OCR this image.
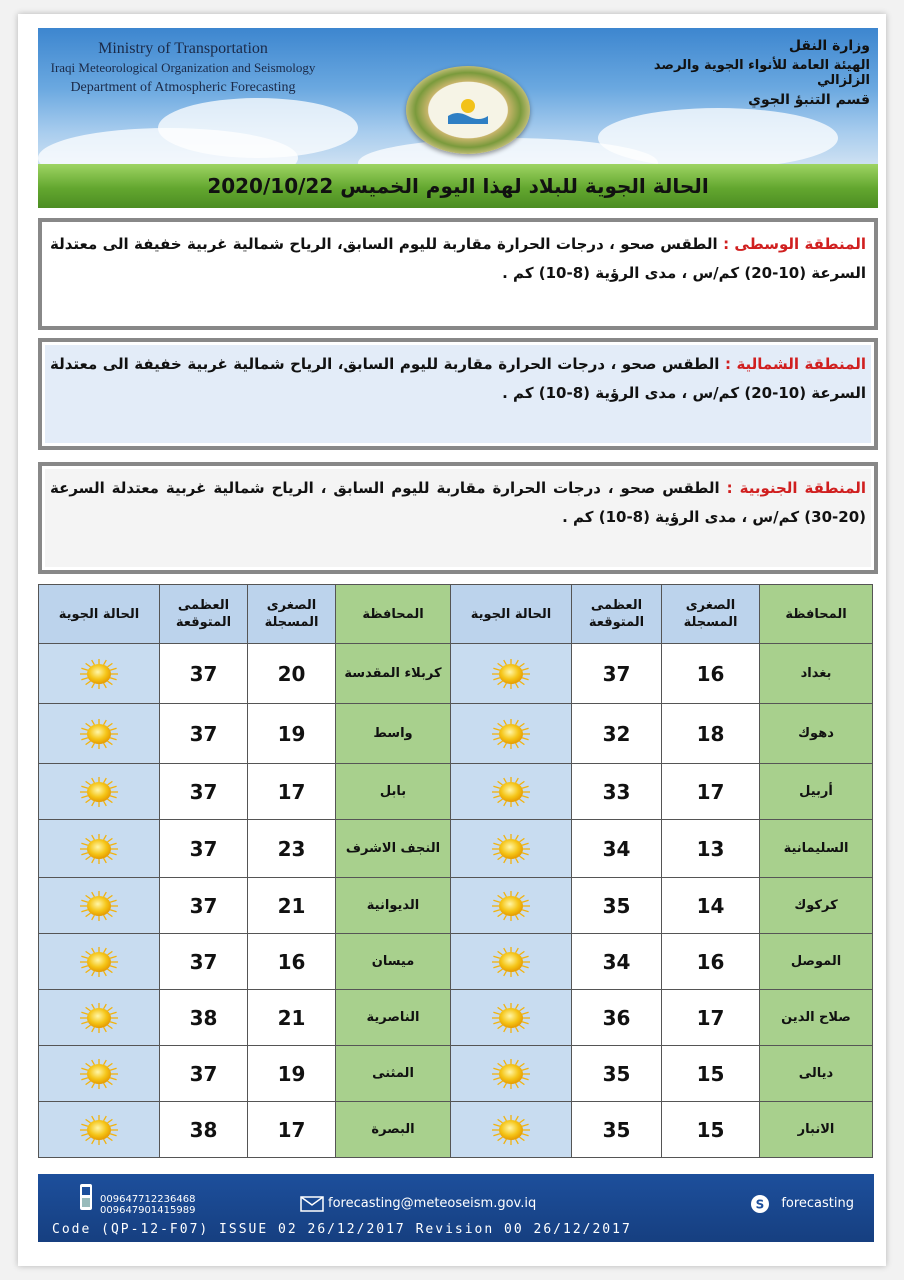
Ministry of Transportation
Iraqi Meteorological Organization and Seismology
Department of Atmospheric Forecasting
وزارة النقل
الهيئة العامة للأنواء الجوية والرصد الزلزالي
قسم التنبؤ الجوي
الحالة الجوية للبلاد لهذا اليوم الخميس 2020/10/22
المنطقة الوسطى : الطقس صحو ، درجات الحرارة مقاربة لليوم السابق، الرياح شمالية غربية خفيفة الى معتدلة السرعة (10-20) كم/س ، مدى الرؤية (8-10) كم .
المنطقة الشمالية : الطقس صحو ، درجات الحرارة مقاربة لليوم السابق، الرياح شمالية غربية خفيفة الى معتدلة السرعة (10-20) كم/س ، مدى الرؤية (8-10) كم .
المنطقة الجنوبية : الطقس صحو ، درجات الحرارة مقاربة لليوم السابق ، الرياح شمالية غربية معتدلة السرعة (20-30) كم/س ، مدى الرؤية (8-10) كم .
الحالة الجوية	العظمى المتوقعة	الصغرى المسجلة	المحافظة	الحالة الجوية	العظمى المتوقعة	الصغرى المسجلة	المحافظة
	37	20	كربلاء المقدسة		37	16	بغداد
	37	19	واسط		32	18	دهوك
	37	17	بابل		33	17	أربيل
	37	23	النجف الاشرف		34	13	السليمانية
	37	21	الديوانية		35	14	كركوك
	37	16	ميسان		34	16	الموصل
	38	21	الناصرية		36	17	صلاح الدين
	37	19	المثنى		35	15	ديالى
	38	17	البصرة		35	15	الانبار
009647712236468
009647901415989	forecasting@meteoseism.gov.iq	S forecasting
Code (QP-12-F07) ISSUE 02 26/12/2017 Revision 00 26/12/2017
